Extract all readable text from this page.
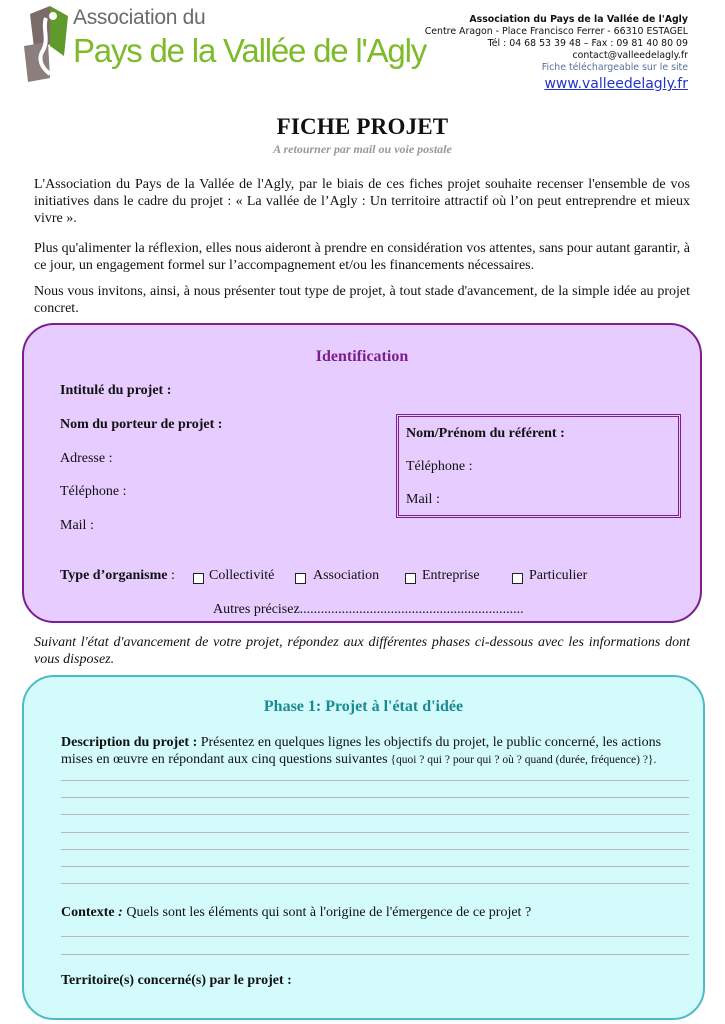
Association du
Pays de la Vallée de l'Agly
Association du Pays de la Vallée de l'Agly
Centre Aragon - Place Francisco Ferrer - 66310 ESTAGEL
Tél : 04 68 53 39 48 – Fax : 09 81 40 80 09
contact@valleedelagly.fr
Fiche téléchargeable sur le site
www.valleedelagly.fr
FICHE PROJET
A retourner par mail ou voie postale

L'Association du Pays de la Vallée de l'Agly, par le biais de ces fiches projet souhaite recenser l'ensemble de vos initiatives dans le cadre du projet : « La vallée de l’Agly : Un territoire attractif où l’on peut entreprendre et mieux vivre ».

Plus qu'alimenter la réflexion, elles nous aideront à prendre en considération vos attentes, sans pour autant garantir, à ce jour, un engagement formel sur l’accompagnement et/ou les financements nécessaires.

Nous vous invitons, ainsi, à nous présenter tout type de projet, à tout stade d'avancement, de la simple idée au projet concret.

Identification
Intitulé du projet :
Nom du porteur de projet :
Adresse :
Téléphone :
Mail :
Nom/Prénom du référent :
Téléphone :
Mail :
Type d’organisme : Collectivité	Association	Entreprise	Particulier
Autres précisez................................................................

Suivant l'état d'avancement de votre projet, répondez aux différentes phases ci-dessous avec les informations dont vous disposez.

Phase 1: Projet à l'état d'idée
Description du projet : Présentez en quelques lignes les objectifs du projet, le public concerné, les actions mises en œuvre en répondant aux cinq questions suivantes {quoi ? qui ? pour qui ? où ? quand (durée, fréquence) ?}.
Contexte : Quels sont les éléments qui sont à l'origine de l'émergence de ce projet ?
Territoire(s) concerné(s) par le projet :
